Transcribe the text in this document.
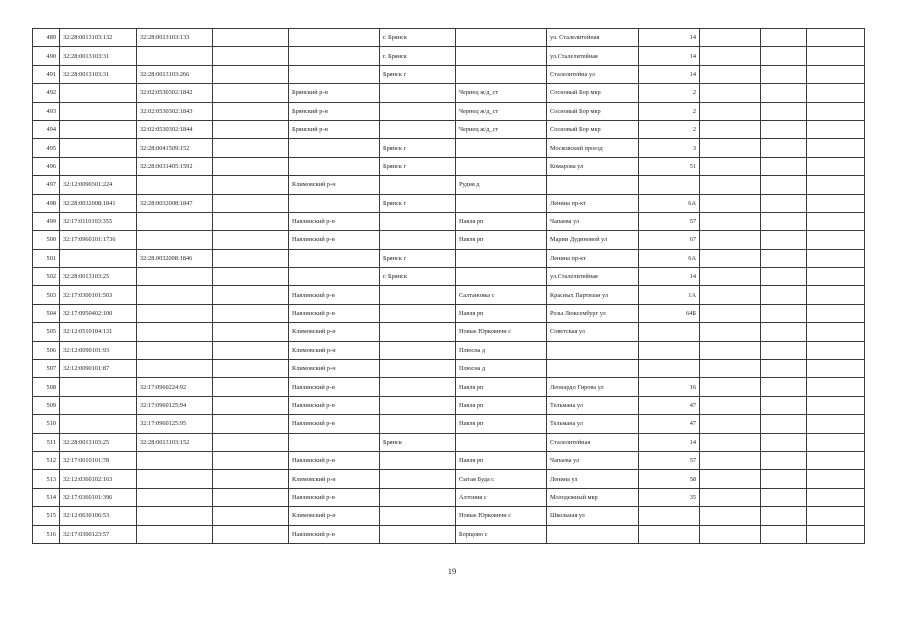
489	32:28:0013103:132	32:28:0013103:133			г. Брянск		ул. Сталелитейная	14			
490	32:28:0013103:31				г. Брянск		ул.Сталелитейная	14			
491	32:28:0013103:31	32:28:0013103:266			Брянск г		Сталелитейна ул	14			
492		32:02:0530302:1842		Брянский р-н		Чернец ж/д_ст	Сосновый Бор мкр	2			
493		32:02:0530302:1843		Брянский р-н		Чернец ж/д_ст	Сосновый Бор мкр	2			
494		32:02:0530302:1844		Брянский р-н		Чернец ж/д_ст	Сосновый Бор мкр	2			
495		32:28:0041509:152			Брянск г		Московский проезд	3			
496		32:28:0031405:1592			Брянск г		Комарова ул	51			
497	32:12:0090301:224			Климовский р-н		Рудня д					
498	32:28:0032008:1841	32:28:0032008:1847			Брянск г		Ленина пр-кт	6А			
499	32:17:0110103:355			Навлинский р-н		Навля рп	Чапаева ул	57			
500	32:17:0960101:1736			Навлинский р-н		Навля рп	Марии Дудиновой ул	67			
501		32:28.0032008:1846			Брянск г		Ленина пр-кт	6А			
502	32:28:0013103:25				г. Брянск		ул.Сталелитейная	14			
503	32:17:0300101:503			Навлинский р-н		Салтановка с	Красных Партизан ул	1А			
504	32:17:0950402:100			Навлинский р-н		Навля рп	Розы Люксембург ул	64Б			
505	32:12:0510104:131			Климовский р-н		Новые Юрковичи с	Советская ул				
506	32:12:0090101:93			Климовский р-н		Плюсна д					
507	32:12:0090101:87			Климовский р-н		Плюсна д					
508		32:17:0960224:92		Навлинский р-н		Навля рп	Леонардо Гирова ул	16			
509		32:17:0960125:94		Навлинский р-н		Навля рп	Тельмана ул	47			
510		32:17:0960125:95		Навлинский р-н		Навля рп	Тельмана ул	47			
511	32:28:0013103:25	32:28:0013103:152			Брянск		Сталелитейная	14			
512	32:17:0010101:78			Навлинский р-н		Навля рп	Чапаева ул	57			
513	32:12:0360102:163			Климовский р-н		Сытая Буда с	Ленина ул	58			
514	32:17:0360101:396			Навлинский р-н		Алтония с	Молодежный мкр	35			
515	32:12:0630106:53			Климовский р-н		Новые Юрковичи с	Школьная ул				
516	32:17:0300123:57			Навлинский р-н		Борщово с					
19
